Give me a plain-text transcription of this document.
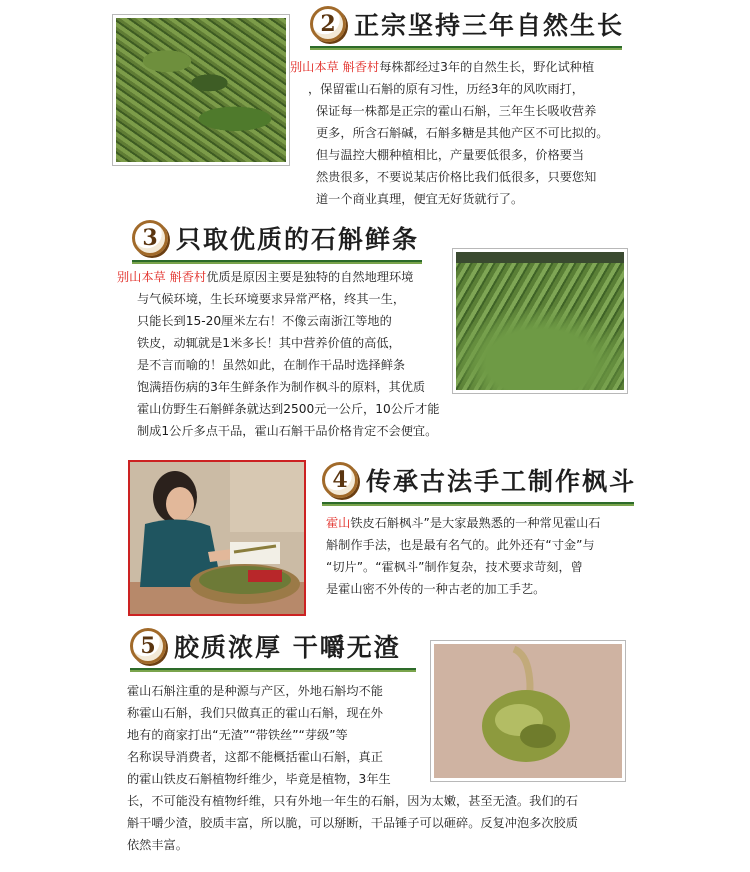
2 正宗坚持三年自然生长

别山本草 斛香村每株都经过3年的自然生长，野化试种植

，保留霍山石斛的原有习性，历经3年的风吹雨打，

保证每一株都是正宗的霍山石斛，三年生长吸收营养

更多，所含石斛碱，石斛多糖是其他产区不可比拟的。

但与温控大棚种植相比，产量要低很多，价格要当

然贵很多，不要说某店价格比我们低很多，只要您知

道一个商业真理，便宜无好货就行了。

3 只取优质的石斛鲜条

别山本草 斛香村优质是原因主要是独特的自然地理环境

与气候环境，生长环境要求异常严格，终其一生，

只能长到15-20厘米左右！不像云南浙江等地的

铁皮，动辄就是1米多长！其中营养价值的高低，

是不言而喻的！虽然如此，在制作干品时选择鲜条

饱满捂伤病的3年生鲜条作为制作枫斗的原料，其优质

霍山仿野生石斛鲜条就达到2500元一公斤，10公斤才能

制成1公斤多点干品，霍山石斛干品价格肯定不会便宜。

4 传承古法手工制作枫斗

霍山铁皮石斛枫斗”是大家最熟悉的一种常见霍山石

斛制作手法，也是最有名气的。此外还有“寸金”与

“切片”。“霍枫斗”制作复杂，技术要求苛刻，曾

是霍山密不外传的一种古老的加工手艺。

5 胶质浓厚 干嚼无渣

霍山石斛注重的是种源与产区，外地石斛均不能

称霍山石斛，我们只做真正的霍山石斛，现在外

地有的商家打出“无渣”“带铁丝”“芽级”等

名称误导消费者，这都不能概括霍山石斛，真正

的霍山铁皮石斛植物纤维少，毕竟是植物，3年生

长，不可能没有植物纤维，只有外地一年生的石斛，因为太嫩，甚至无渣。我们的石

斛干嚼少渣，胶质丰富，所以脆，可以掰断，干品锤子可以砸碎。反复冲泡多次胶质

依然丰富。
